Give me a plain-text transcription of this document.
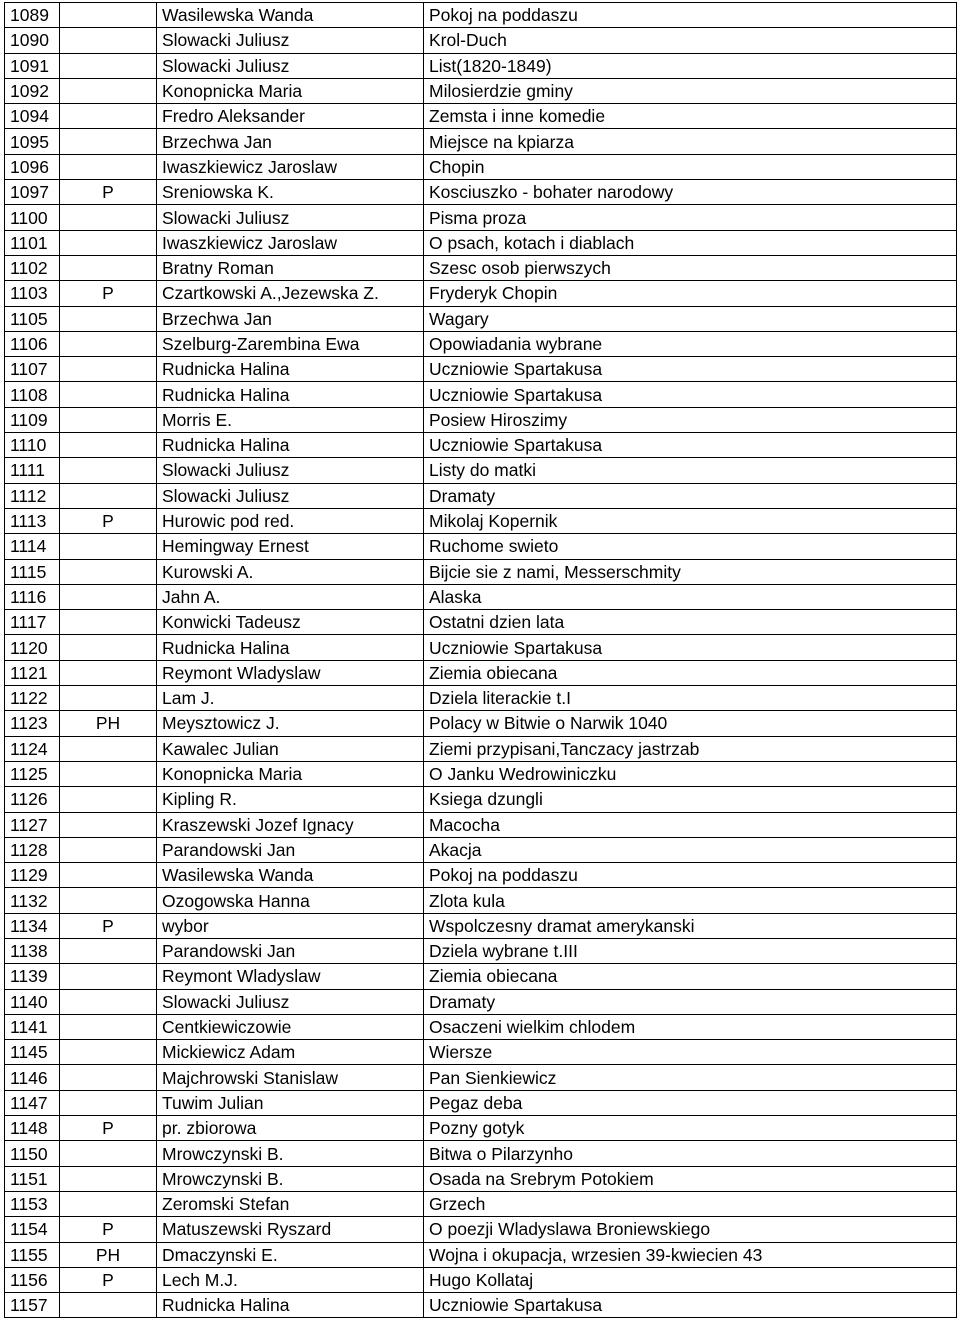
1089		Wasilewska Wanda	Pokoj na poddaszu
1090		Slowacki Juliusz	Krol-Duch
1091		Slowacki Juliusz	List(1820-1849)
1092		Konopnicka Maria	Milosierdzie gminy
1094		Fredro Aleksander	Zemsta i inne komedie
1095		Brzechwa Jan	Miejsce na kpiarza
1096		Iwaszkiewicz Jaroslaw	Chopin
1097	P	Sreniowska K.	Kosciuszko - bohater narodowy
1100		Slowacki Juliusz	Pisma proza
1101		Iwaszkiewicz Jaroslaw	O psach, kotach i diablach
1102		Bratny Roman	Szesc osob pierwszych
1103	P	Czartkowski A.,Jezewska Z.	Fryderyk Chopin
1105		Brzechwa Jan	Wagary
1106		Szelburg-Zarembina Ewa	Opowiadania wybrane
1107		Rudnicka Halina	Uczniowie Spartakusa
1108		Rudnicka Halina	Uczniowie Spartakusa
1109		Morris E.	Posiew Hiroszimy
1110		Rudnicka Halina	Uczniowie Spartakusa
1111		Slowacki Juliusz	Listy do matki
1112		Slowacki Juliusz	Dramaty
1113	P	Hurowic pod red.	Mikolaj Kopernik
1114		Hemingway Ernest	Ruchome swieto
1115		Kurowski A.	Bijcie sie z nami, Messerschmity
1116		Jahn A.	Alaska
1117		Konwicki Tadeusz	Ostatni dzien lata
1120		Rudnicka Halina	Uczniowie Spartakusa
1121		Reymont Wladyslaw	Ziemia obiecana
1122		Lam J.	Dziela literackie t.I
1123	PH	Meysztowicz J.	Polacy w Bitwie o Narwik 1040
1124		Kawalec Julian	Ziemi przypisani,Tanczacy jastrzab
1125		Konopnicka Maria	O Janku Wedrowiniczku
1126		Kipling R.	Ksiega dzungli
1127		Kraszewski Jozef Ignacy	Macocha
1128		Parandowski Jan	Akacja
1129		Wasilewska Wanda	Pokoj na poddaszu
1132		Ozogowska Hanna	Zlota kula
1134	P	wybor	Wspolczesny dramat amerykanski
1138		Parandowski Jan	Dziela wybrane t.III
1139		Reymont Wladyslaw	Ziemia obiecana
1140		Slowacki Juliusz	Dramaty
1141		Centkiewiczowie	Osaczeni wielkim chlodem
1145		Mickiewicz Adam	Wiersze
1146		Majchrowski Stanislaw	Pan Sienkiewicz
1147		Tuwim Julian	Pegaz deba
1148	P	pr. zbiorowa	Pozny gotyk
1150		Mrowczynski B.	Bitwa o Pilarzynho
1151		Mrowczynski B.	Osada na Srebrym Potokiem
1153		Zeromski Stefan	Grzech
1154	P	Matuszewski Ryszard	O poezji Wladyslawa Broniewskiego
1155	PH	Dmaczynski E.	Wojna i okupacja, wrzesien 39-kwiecien 43
1156	P	Lech M.J.	Hugo Kollataj
1157		Rudnicka Halina	Uczniowie Spartakusa
